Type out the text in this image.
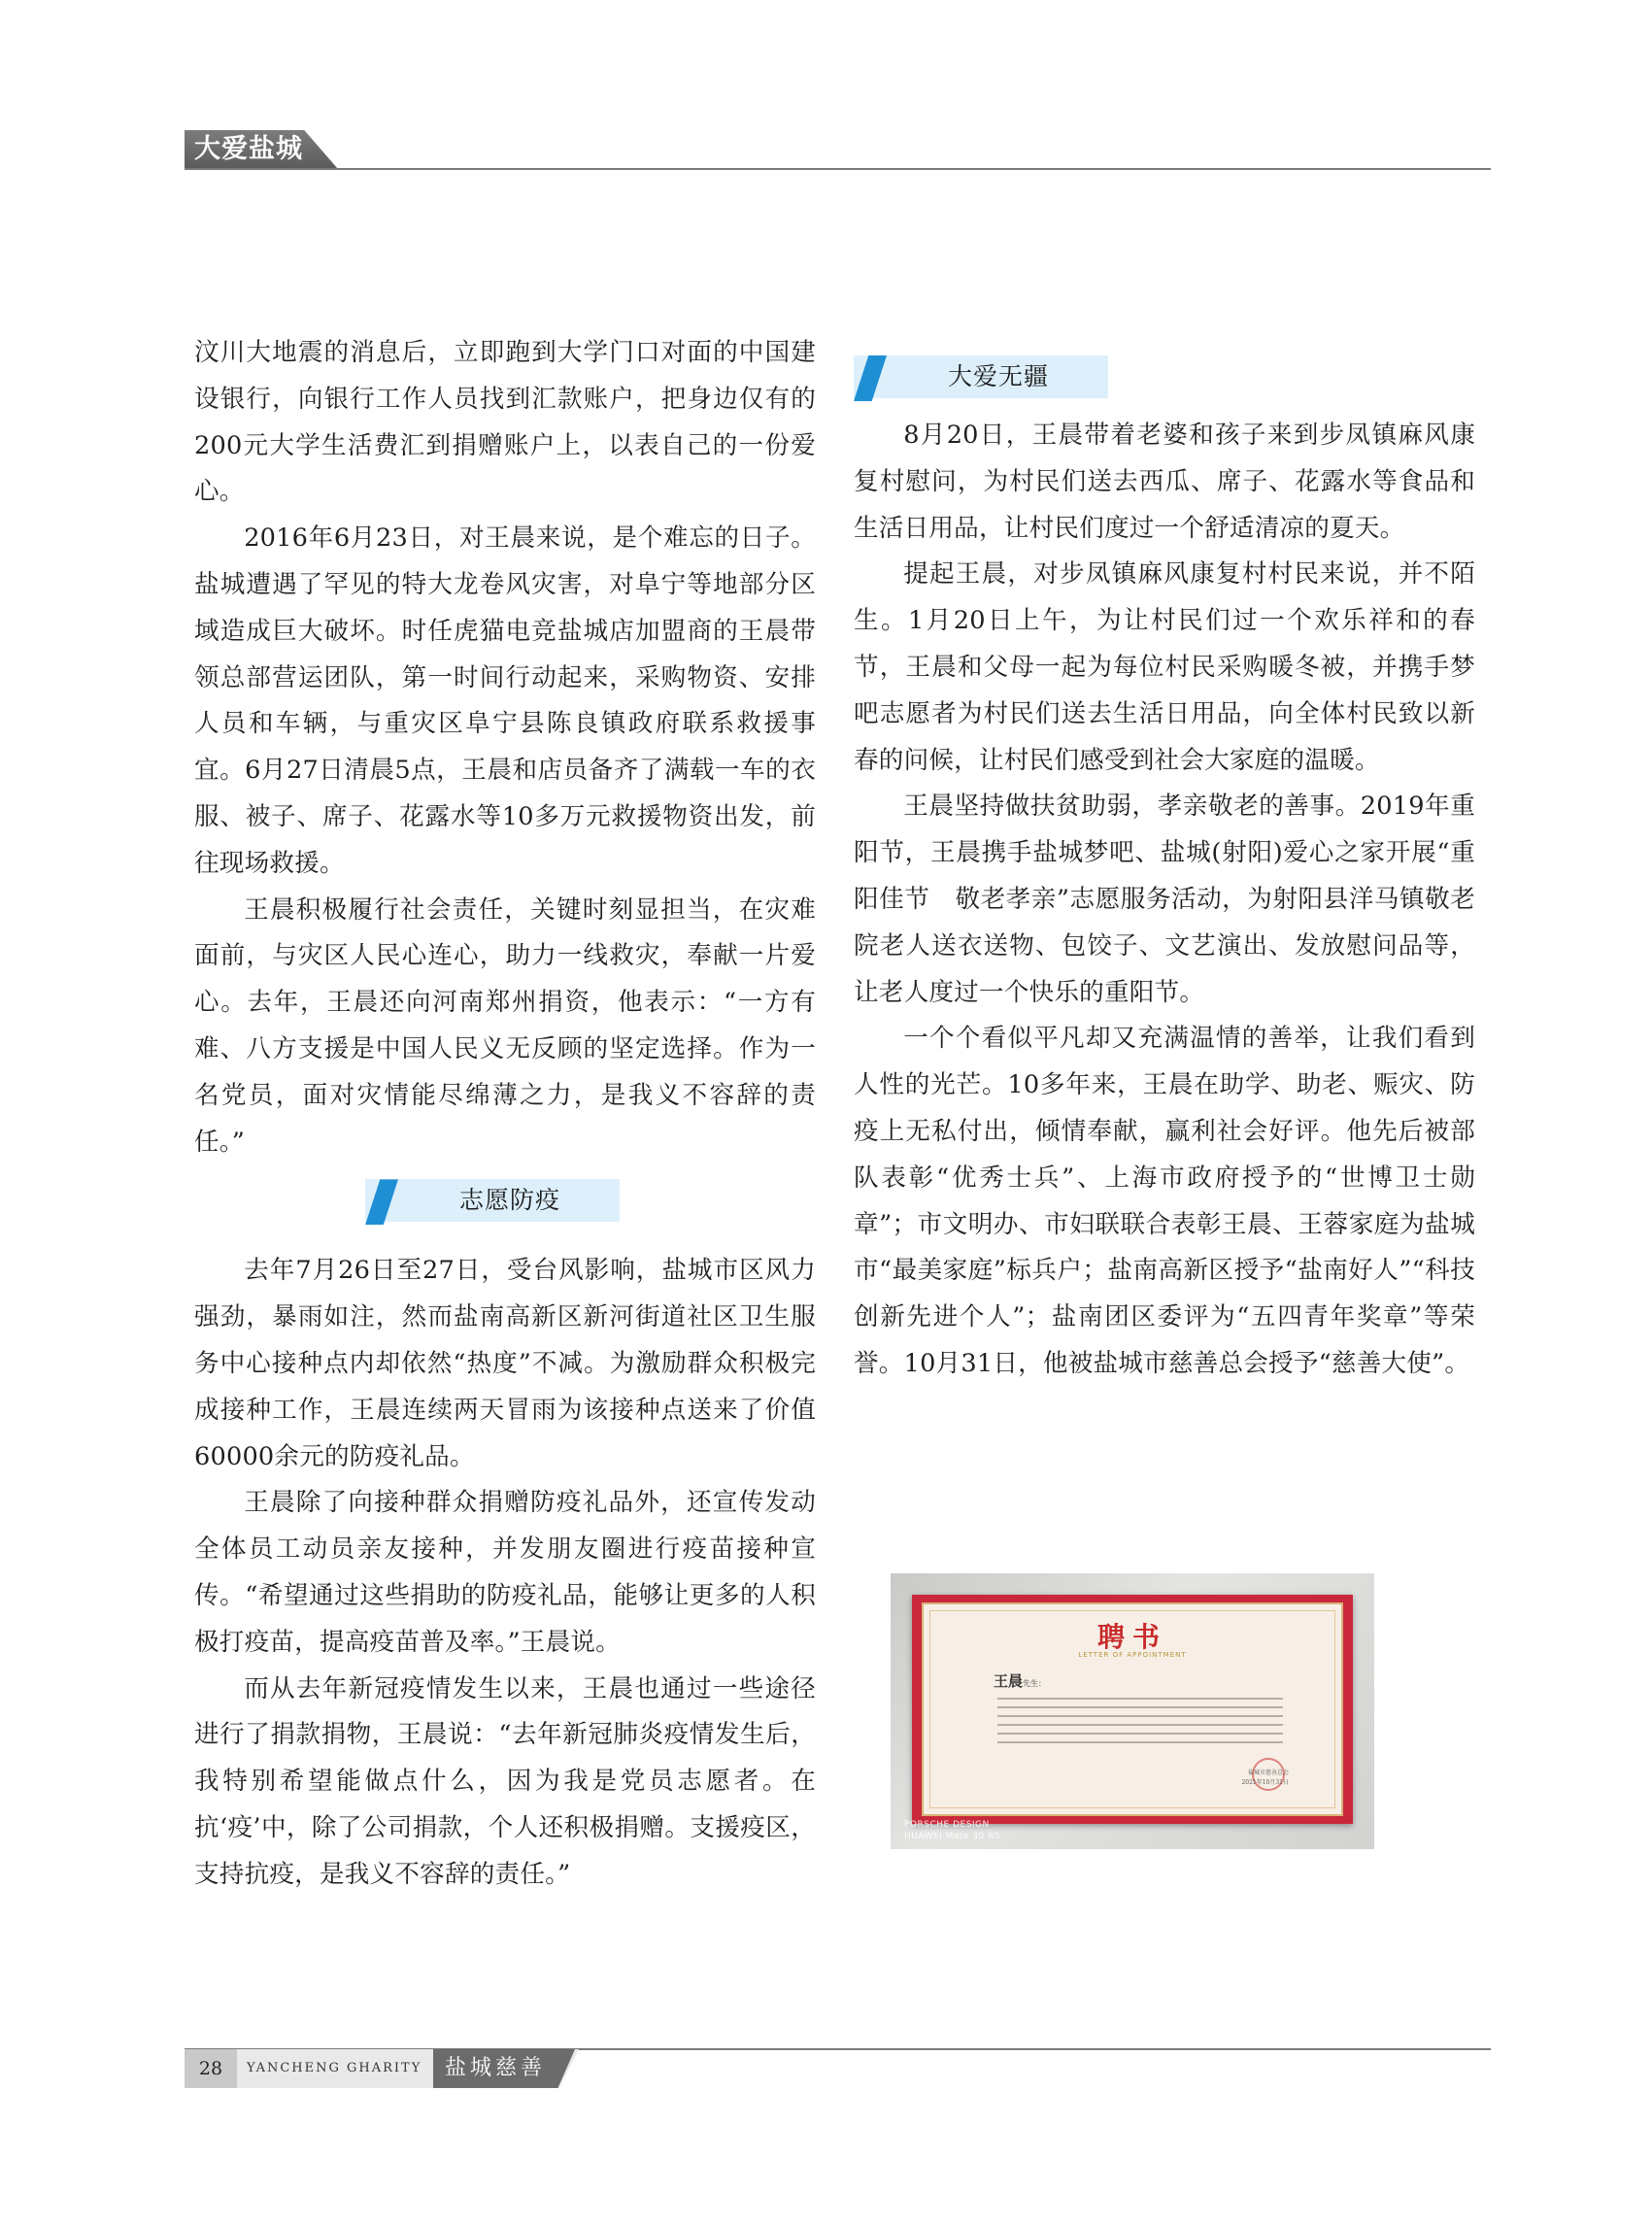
大爱盐城

汶川大地震的消息后，立即跑到大学门口对面的中国建设银行，向银行工作人员找到汇款账户，把身边仅有的200元大学生活费汇到捐赠账户上，以表自己的一份爱心。

2016年6月23日，对王晨来说，是个难忘的日子。盐城遭遇了罕见的特大龙卷风灾害，对阜宁等地部分区域造成巨大破坏。时任虎猫电竞盐城店加盟商的王晨带领总部营运团队，第一时间行动起来，采购物资、安排人员和车辆，与重灾区阜宁县陈良镇政府联系救援事宜。6月27日清晨5点，王晨和店员备齐了满载一车的衣服、被子、席子、花露水等10多万元救援物资出发，前往现场救援。

王晨积极履行社会责任，关键时刻显担当，在灾难面前，与灾区人民心连心，助力一线救灾，奉献一片爱心。去年，王晨还向河南郑州捐资，他表示：“一方有难、八方支援是中国人民义无反顾的坚定选择。作为一名党员，面对灾情能尽绵薄之力，是我义不容辞的责任。”

志愿防疫

去年7月26日至27日，受台风影响，盐城市区风力强劲，暴雨如注，然而盐南高新区新河街道社区卫生服务中心接种点内却依然“热度”不减。为激励群众积极完成接种工作，王晨连续两天冒雨为该接种点送来了价值60000余元的防疫礼品。

王晨除了向接种群众捐赠防疫礼品外，还宣传发动全体员工动员亲友接种，并发朋友圈进行疫苗接种宣传。“希望通过这些捐助的防疫礼品，能够让更多的人积极打疫苗，提高疫苗普及率。”王晨说。

而从去年新冠疫情发生以来，王晨也通过一些途径进行了捐款捐物，王晨说：“去年新冠肺炎疫情发生后，我特别希望能做点什么，因为我是党员志愿者。在抗‘疫’中，除了公司捐款，个人还积极捐赠。支援疫区，支持抗疫，是我义不容辞的责任。”

大爱无疆

8月20日，王晨带着老婆和孩子来到步凤镇麻风康复村慰问，为村民们送去西瓜、席子、花露水等食品和生活日用品，让村民们度过一个舒适清凉的夏天。

提起王晨，对步凤镇麻风康复村村民来说，并不陌生。1月20日上午，为让村民们过一个欢乐祥和的春节，王晨和父母一起为每位村民采购暖冬被，并携手梦吧志愿者为村民们送去生活日用品，向全体村民致以新春的问候，让村民们感受到社会大家庭的温暖。

王晨坚持做扶贫助弱，孝亲敬老的善事。2019年重阳节，王晨携手盐城梦吧、盐城(射阳)爱心之家开展“重阳佳节　敬老孝亲”志愿服务活动，为射阳县洋马镇敬老院老人送衣送物、包饺子、文艺演出、发放慰问品等，让老人度过一个快乐的重阳节。

一个个看似平凡却又充满温情的善举，让我们看到人性的光芒。10多年来，王晨在助学、助老、赈灾、防疫上无私付出，倾情奉献，赢利社会好评。他先后被部队表彰“优秀士兵”、上海市政府授予的“世博卫士勋章”；市文明办、市妇联联合表彰王晨、王蓉家庭为盐城市“最美家庭”标兵户；盐南高新区授予“盐南好人”“科技创新先进个人”；盐南团区委评为“五四青年奖章”等荣誉。10月31日，他被盐城市慈善总会授予“慈善大使”。

聘书
LETTER OF APPOINTMENT
王晨先生：
盐城市慈善总会
2021年10月31日
PORSCHE DESIGN
HUAWEI Mate 30 RS
28	YANCHENG GHARITY 盐城慈善
